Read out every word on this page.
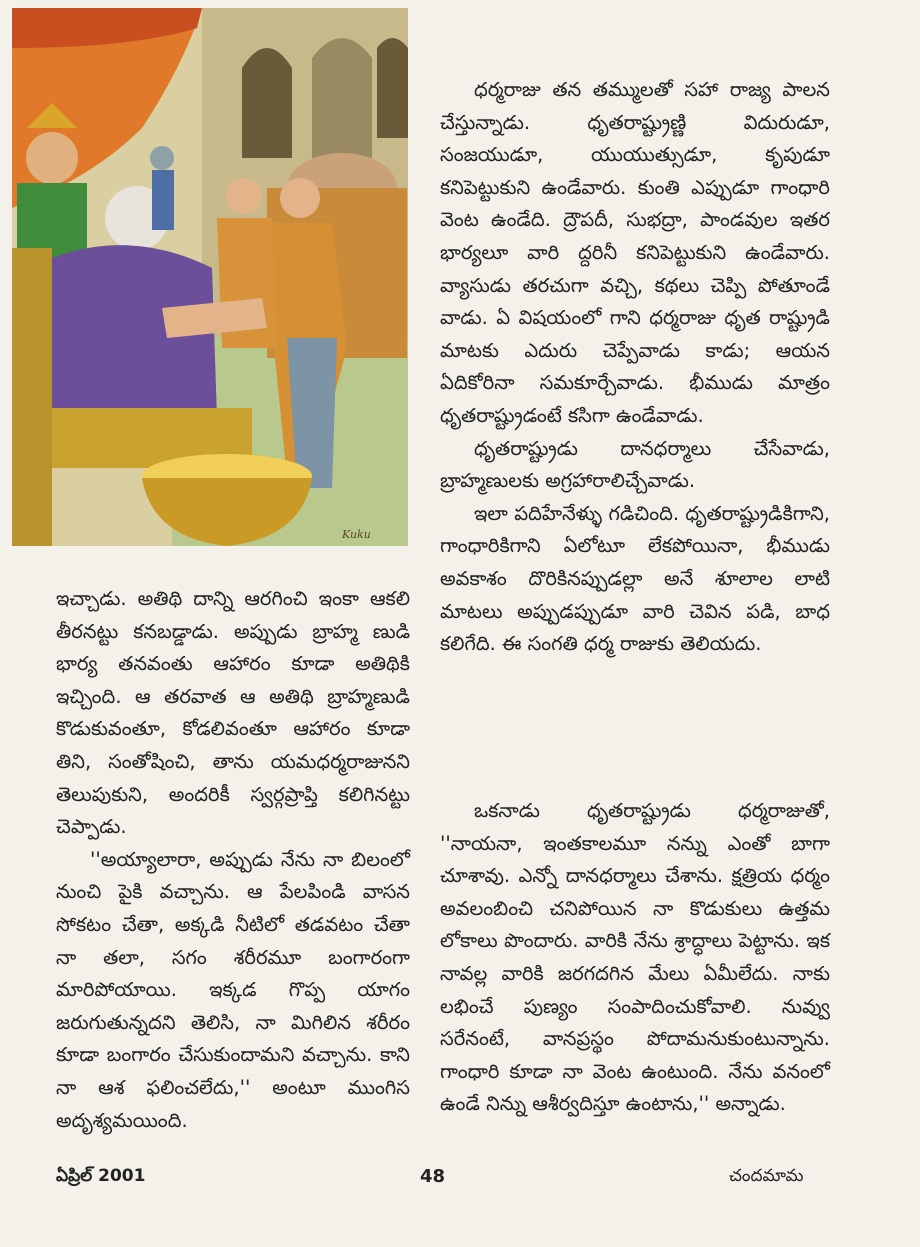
Kuku

ధర్మరాజు తన తమ్ములతో సహా రాజ్య పాలన చేస్తున్నాడు. ధృతరాష్ట్రుణ్ణి విదురుడూ, సంజయుడూ, యుయుత్సుడూ, కృపుడూ కనిపెట్టుకుని ఉండేవారు. కుంతి ఎప్పుడూ గాంధారి వెంట ఉండేది. ద్రౌపదీ, సుభద్రా, పాండవుల ఇతర భార్యలూ వారి ద్దరినీ కనిపెట్టుకుని ఉండేవారు. వ్యాసుడు తరచుగా వచ్చి, కథలు చెప్పి పోతూండే వాడు. ఏ విషయంలో గాని ధర్మరాజు ధృత రాష్ట్రుడి మాటకు ఎదురు చెప్పేవాడు కాడు; ఆయన ఏదికోరినా సమకూర్చేవాడు. భీముడు మాత్రం ధృతరాష్ట్రుడంటే కసిగా ఉండేవాడు.

ధృతరాష్ట్రుడు దానధర్మాలు చేసేవాడు, బ్రాహ్మణులకు అగ్రహారాలిచ్చేవాడు.

ఇలా పదిహేనేళ్ళు గడిచింది. ధృతరాష్ట్రుడికిగాని, గాంధారికిగాని ఏలోటూ లేకపోయినా, భీముడు అవకాశం దొరికినప్పుడల్లా అనే శూలాల లాటి మాటలు అప్పుడప్పుడూ వారి చెవిన పడి, బాధ కలిగేది. ఈ సంగతి ధర్మ రాజుకు తెలియదు.

ఒకనాడు ధృతరాష్ట్రుడు ధర్మరాజుతో, ''నాయనా, ఇంతకాలమూ నన్ను ఎంతో బాగా చూశావు. ఎన్నో దానధర్మాలు చేశాను. క్షత్రియ ధర్మం అవలంబించి చనిపోయిన నా కొడుకులు ఉత్తమ లోకాలు పొందారు. వారికి నేను శ్రాద్ధాలు పెట్టాను. ఇక నావల్ల వారికి జరగదగిన మేలు ఏమీలేదు. నాకు లభించే పుణ్యం సంపాదించుకోవాలి. నువ్వు సరేనంటే, వానప్రస్థం పోదామనుకుంటున్నాను. గాంధారి కూడా నా వెంట ఉంటుంది. నేను వనంలో ఉండే నిన్ను ఆశీర్వదిస్తూ ఉంటాను,'' అన్నాడు.

ఇచ్చాడు. అతిథి దాన్ని ఆరగించి ఇంకా ఆకలి తీరనట్టు కనబడ్డాడు. అప్పుడు బ్రాహ్మ ణుడి భార్య తనవంతు ఆహారం కూడా అతిథికి ఇచ్చింది. ఆ తరవాత ఆ అతిథి బ్రాహ్మణుడి కొడుకువంతూ, కోడలివంతూ ఆహారం కూడా తిని, సంతోషించి, తాను యమధర్మరాజునని తెలుపుకుని, అందరికీ స్వర్గప్రాప్తి కలిగినట్టు చెప్పాడు.

''అయ్యాలారా, అప్పుడు నేను నా బిలంలో నుంచి పైకి వచ్చాను. ఆ పేలపిండి వాసన సోకటం చేతా, అక్కడి నీటిలో తడవటం చేతా నా తలా, సగం శరీరమూ బంగారంగా మారిపోయాయి. ఇక్కడ గొప్ప యాగం జరుగుతున్నదని తెలిసి, నా మిగిలిన శరీరం కూడా బంగారం చేసుకుందామని వచ్చాను. కాని నా ఆశ ఫలించలేదు,'' అంటూ ముంగిస అదృశ్యమయింది.

ఏప్రిల్ 2001	48	చందమామ
